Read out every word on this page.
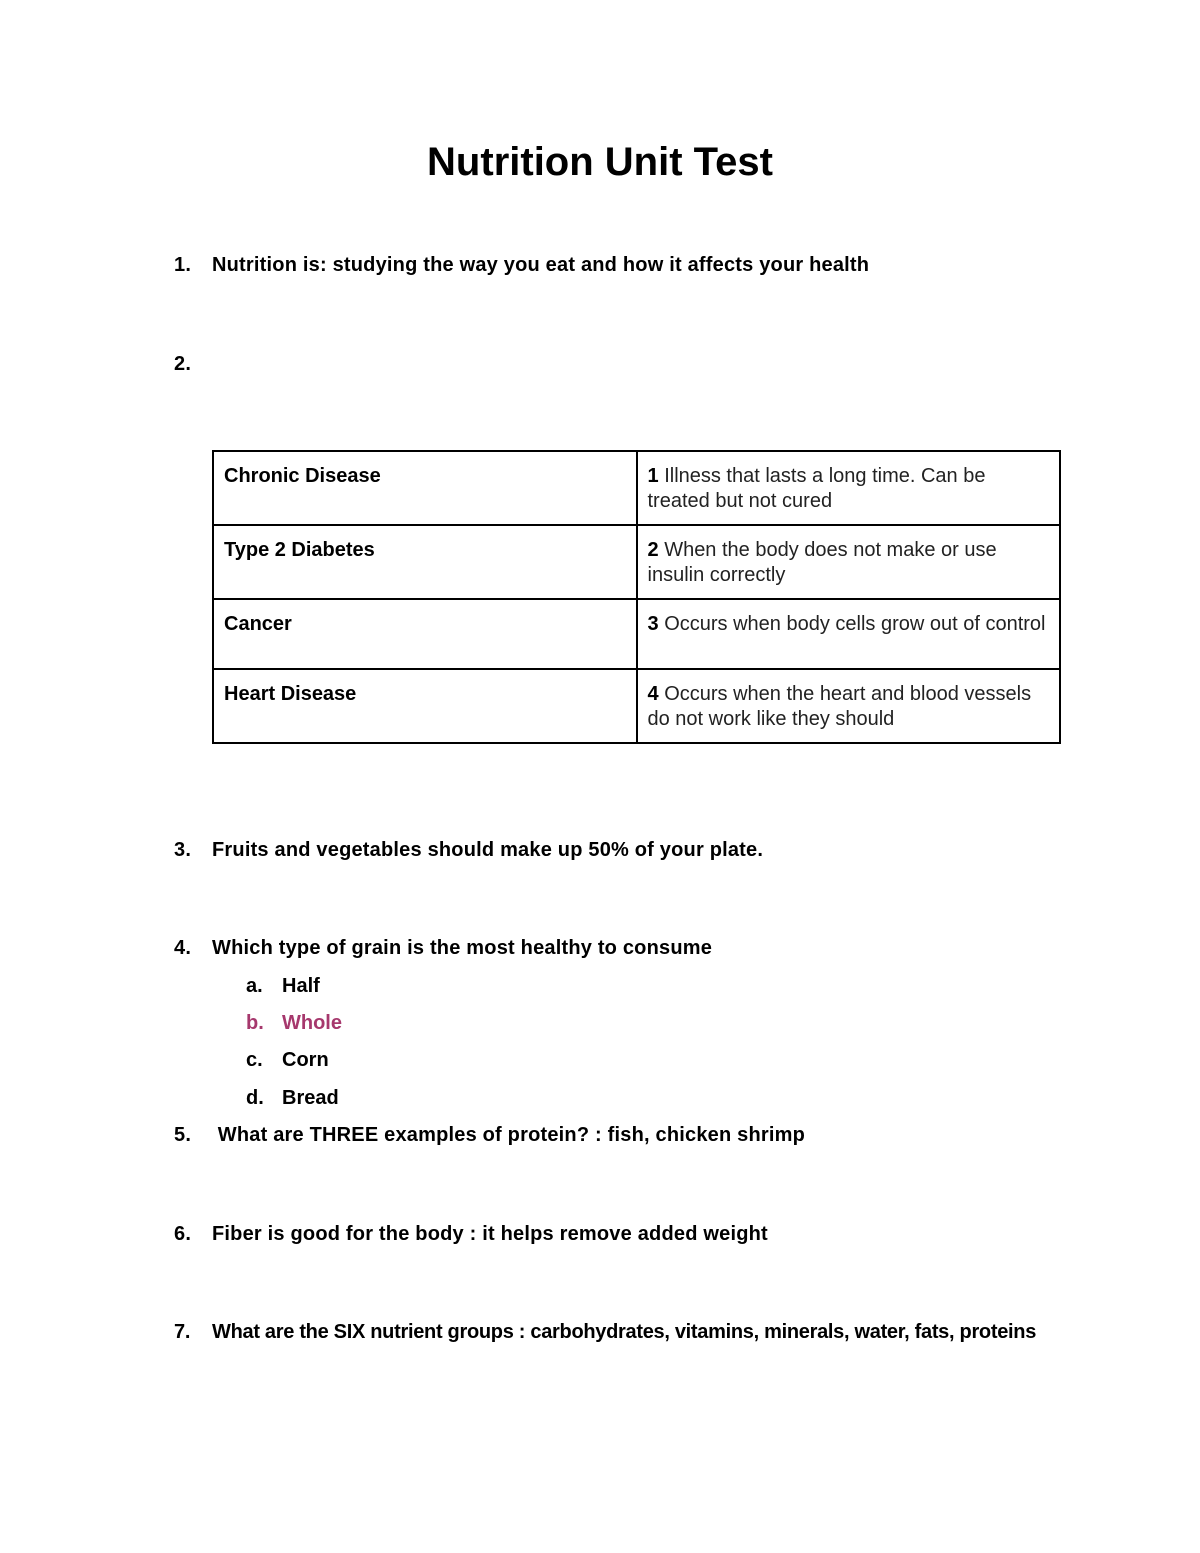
Nutrition Unit Test
1. Nutrition is: studying the way you eat and how it affects your health
2.
Chronic Disease	1 Illness that lasts a long time. Can be treated but not cured
Type 2 Diabetes	2 When the body does not make or use insulin correctly
Cancer	3 Occurs when body cells grow out of control
Heart Disease	4 Occurs when the heart and blood vessels do not work like they should
3. Fruits and vegetables should make up 50% of your plate.
4. Which type of grain is the most healthy to consume
a. Half
b. Whole
c. Corn
d. Bread
5. What are THREE examples of protein? : fish, chicken shrimp
6. Fiber is good for the body : it helps remove added weight
7. What are the SIX nutrient groups : carbohydrates, vitamins, minerals, water, fats, proteins
